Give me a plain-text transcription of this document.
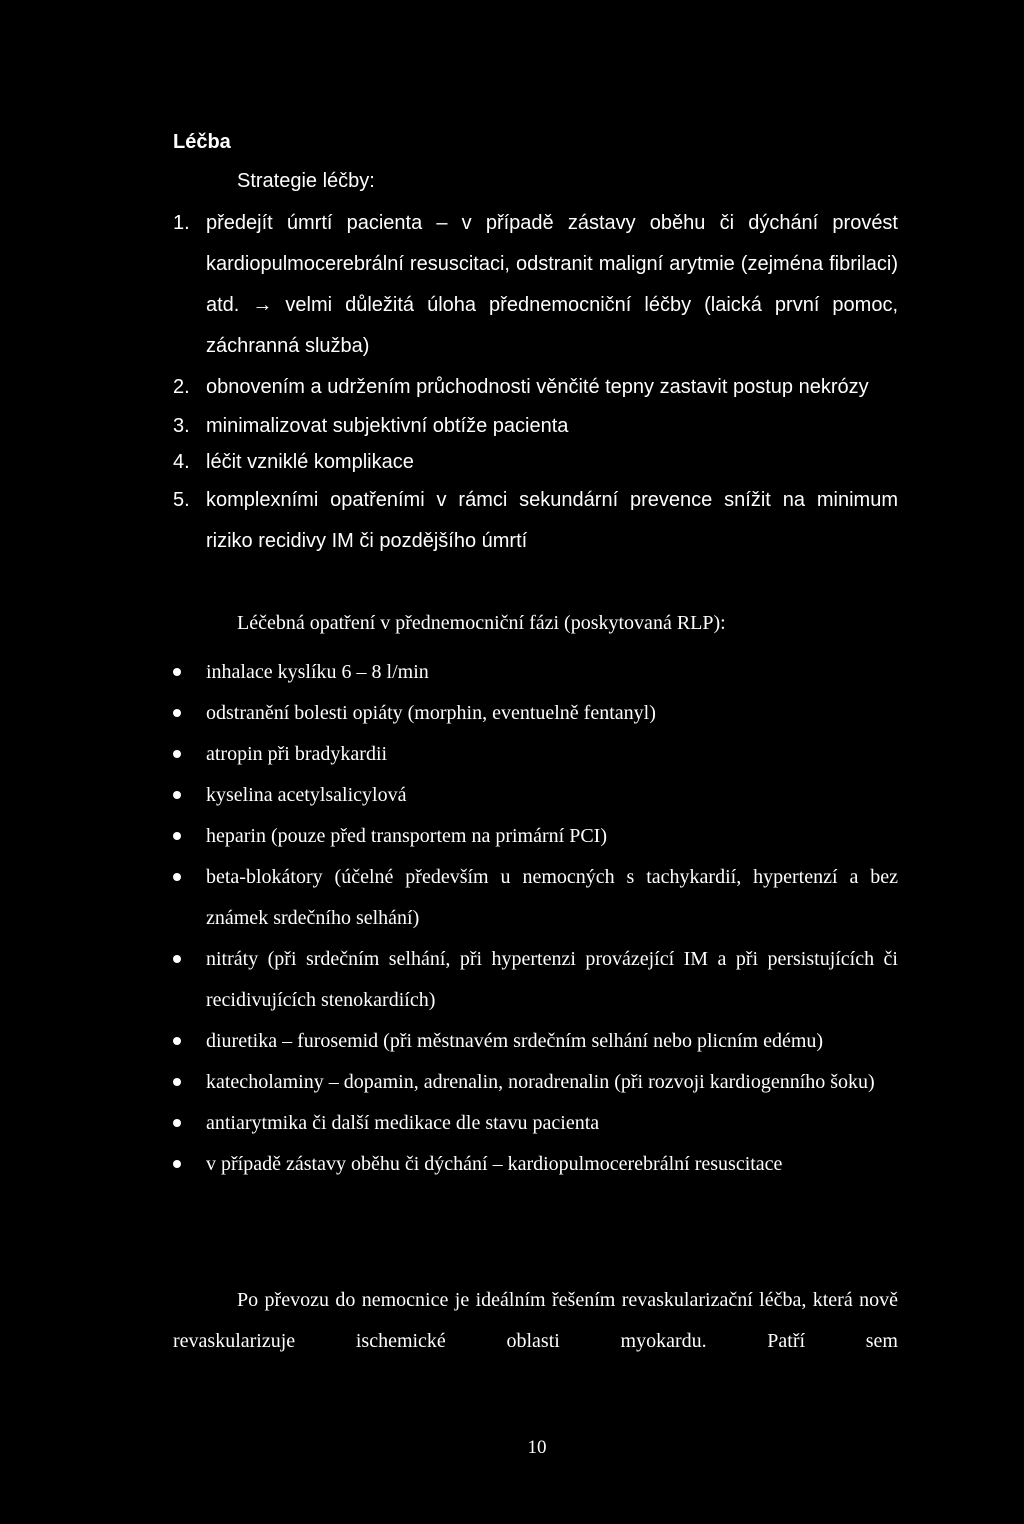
Léčba

Strategie léčby:

1. předejít úmrtí pacienta – v případě zástavy oběhu či dýchání provést kardiopulmocerebrální resuscitaci, odstranit maligní arytmie (zejména fibrilaci) atd. → velmi důležitá úloha přednemocniční léčby (laická první pomoc, záchranná služba)
2. obnovením a udržením průchodnosti věnčité tepny zastavit postup nekrózy
3. minimalizovat subjektivní obtíže pacienta
4. léčit vzniklé komplikace
5. komplexními opatřeními v rámci sekundární prevence snížit na minimum riziko recidivy IM či pozdějšího úmrtí

Léčebná opatření v přednemocniční fázi (poskytovaná RLP):

inhalace kyslíku 6 – 8 l/min
odstranění bolesti opiáty (morphin, eventuelně fentanyl)
atropin při bradykardii
kyselina acetylsalicylová
heparin (pouze před transportem na primární PCI)
beta-blokátory (účelné především u nemocných s tachykardií, hypertenzí a bez známek srdečního selhání)
nitráty (při srdečním selhání, při hypertenzi provázející IM a při persistujících či recidivujících stenokardiích)
diuretika – furosemid (při městnavém srdečním selhání nebo plicním edému)
katecholaminy – dopamin, adrenalin, noradrenalin (při rozvoji kardiogenního šoku)
antiarytmika či další medikace dle stavu pacienta
v případě zástavy oběhu či dýchání – kardiopulmocerebrální resuscitace

Po převozu do nemocnice je ideálním řešením revaskularizační léčba, která nově revaskularizuje ischemické oblasti myokardu. Patří sem

10
